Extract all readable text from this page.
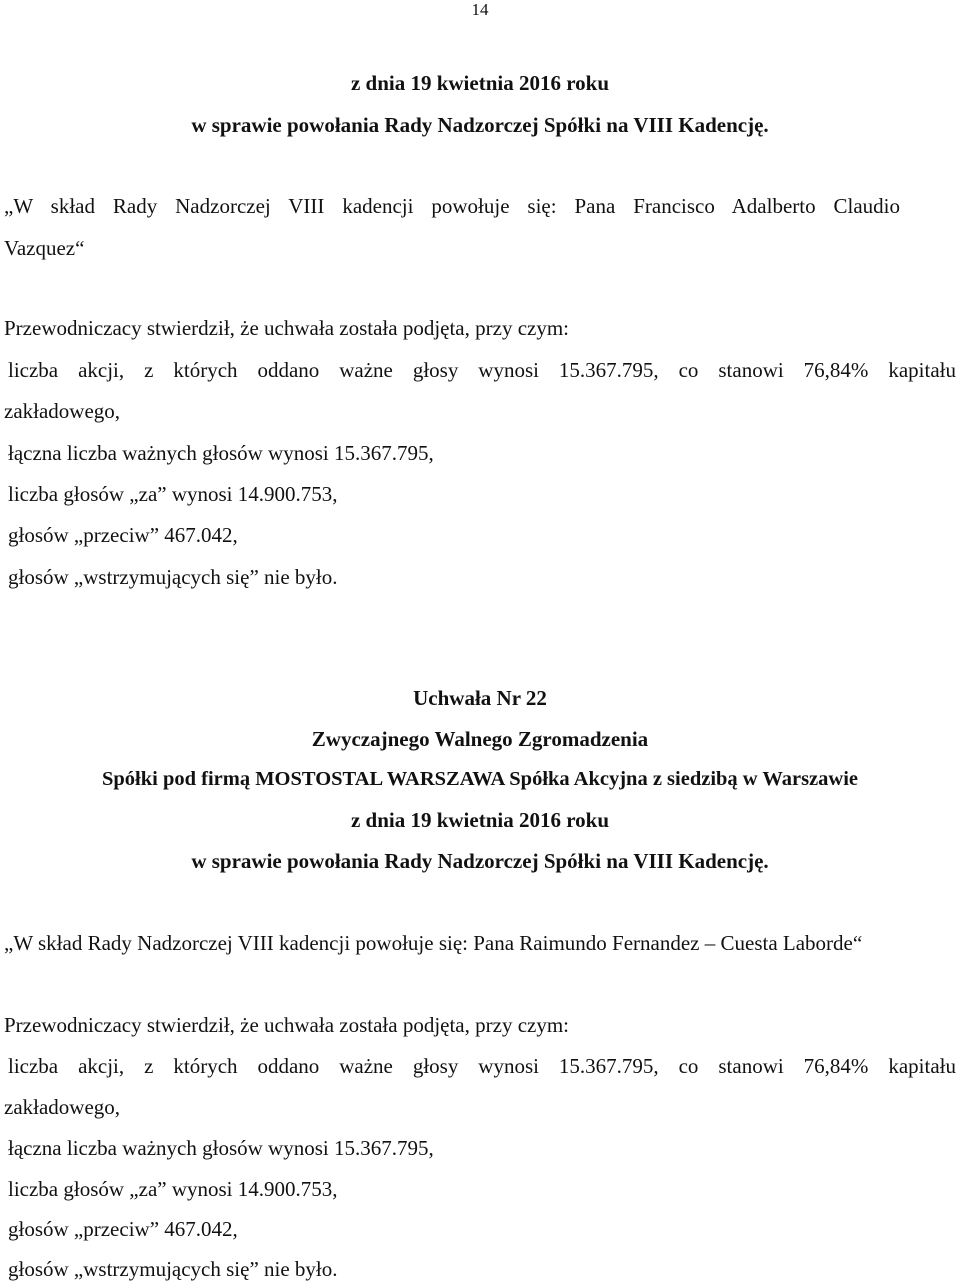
14
z dnia 19 kwietnia 2016 roku
w sprawie powołania Rady Nadzorczej Spółki na VIII Kadencję.
„W skład Rady Nadzorczej VIII kadencji powołuje się: Pana Francisco Adalberto Claudio
Vazquez“
Przewodniczacy stwierdził, że uchwała została podjęta, przy czym:
liczba akcji, z których oddano ważne głosy wynosi 15.367.795, co stanowi 76,84% kapitału
zakładowego,
łączna liczba ważnych głosów wynosi 15.367.795,
liczba głosów „za” wynosi 14.900.753,
głosów „przeciw” 467.042,
głosów „wstrzymujących się” nie było.
Uchwała Nr 22
Zwyczajnego Walnego Zgromadzenia
Spółki pod firmą MOSTOSTAL WARSZAWA Spółka Akcyjna z siedzibą w Warszawie
z dnia 19 kwietnia 2016 roku
w sprawie powołania Rady Nadzorczej Spółki na VIII Kadencję.
„W skład Rady Nadzorczej VIII kadencji powołuje się: Pana Raimundo Fernandez – Cuesta Laborde“
Przewodniczacy stwierdził, że uchwała została podjęta, przy czym:
liczba akcji, z których oddano ważne głosy wynosi 15.367.795, co stanowi 76,84% kapitału
zakładowego,
łączna liczba ważnych głosów wynosi 15.367.795,
liczba głosów „za” wynosi 14.900.753,
głosów „przeciw” 467.042,
głosów „wstrzymujących się” nie było.
